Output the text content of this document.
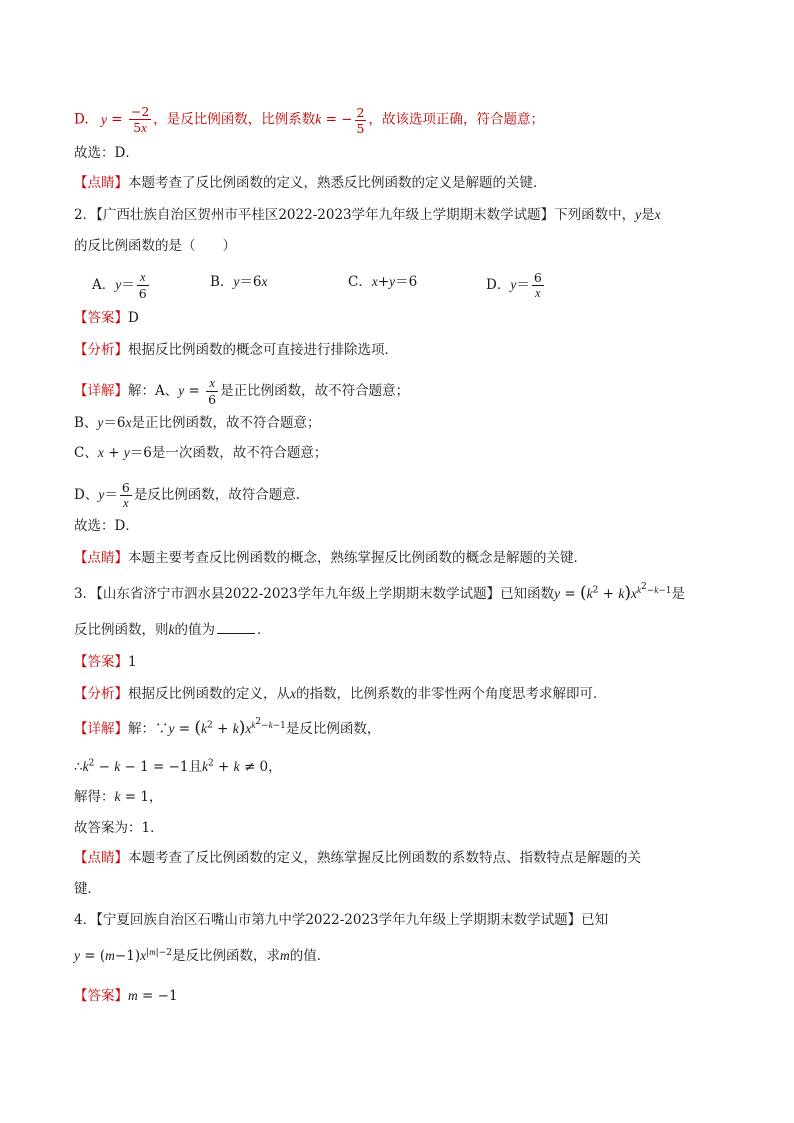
D. $y = \frac{-2}{5x}$ ，是反比例函数，比例系数k = − $\frac{2}{5}$ ，故该选项正确，符合题意；
故选：D．
【点睛】本题考查了反比例函数的定义，熟悉反比例函数的定义是解题的关键．
2．【广西壮族自治区贺州市平桂区2022-2023学年九年级上学期期末数学试题】下列函数中，y是x
的反比例函数的是（　　）
A．$y= \frac{x}{6}$	B．y＝6x	C．x+y＝6	D．$y= \frac{6}{x}$
【答案】D
【分析】根据反比例函数的概念可直接进行排除选项．
【详解】解：A、$y = \frac{x}{6}$ 是正比例函数，故不符合题意；
B、y＝6x是正比例函数，故不符合题意；
C、x + y＝6是一次函数，故不符合题意；
D、$y= \frac{6}{x}$ 是反比例函数，故符合题意．
故选：D．
【点睛】本题主要考查反比例函数的概念，熟练掌握反比例函数的概念是解题的关键．
3．【山东省济宁市泗水县2022-2023学年九年级上学期期末数学试题】已知函数$y = (k^2 + k)x^{k^2-k-1}$是
反比例函数，则k的值为	．
【答案】1
【分析】根据反比例函数的定义，从x的指数，比例系数的非零性两个角度思考求解即可．
【详解】解：∵y = $(k^2 + k)x^{k^2-k-1}$是反比例函数，
$\therefore k^2 - k - 1 = -1$且$k^2 + k \ne 0$，
解得：k = 1，
故答案为：1．
【点睛】本题考查了反比例函数的定义，熟练掌握反比例函数的系数特点、指数特点是解题的关
键．
4．【宁夏回族自治区石嘴山市第九中学2022-2023学年九年级上学期期末数学试题】已知
$y = (m-1)x^{|m|-2}$是反比例函数，求m的值．
【答案】m = −1
